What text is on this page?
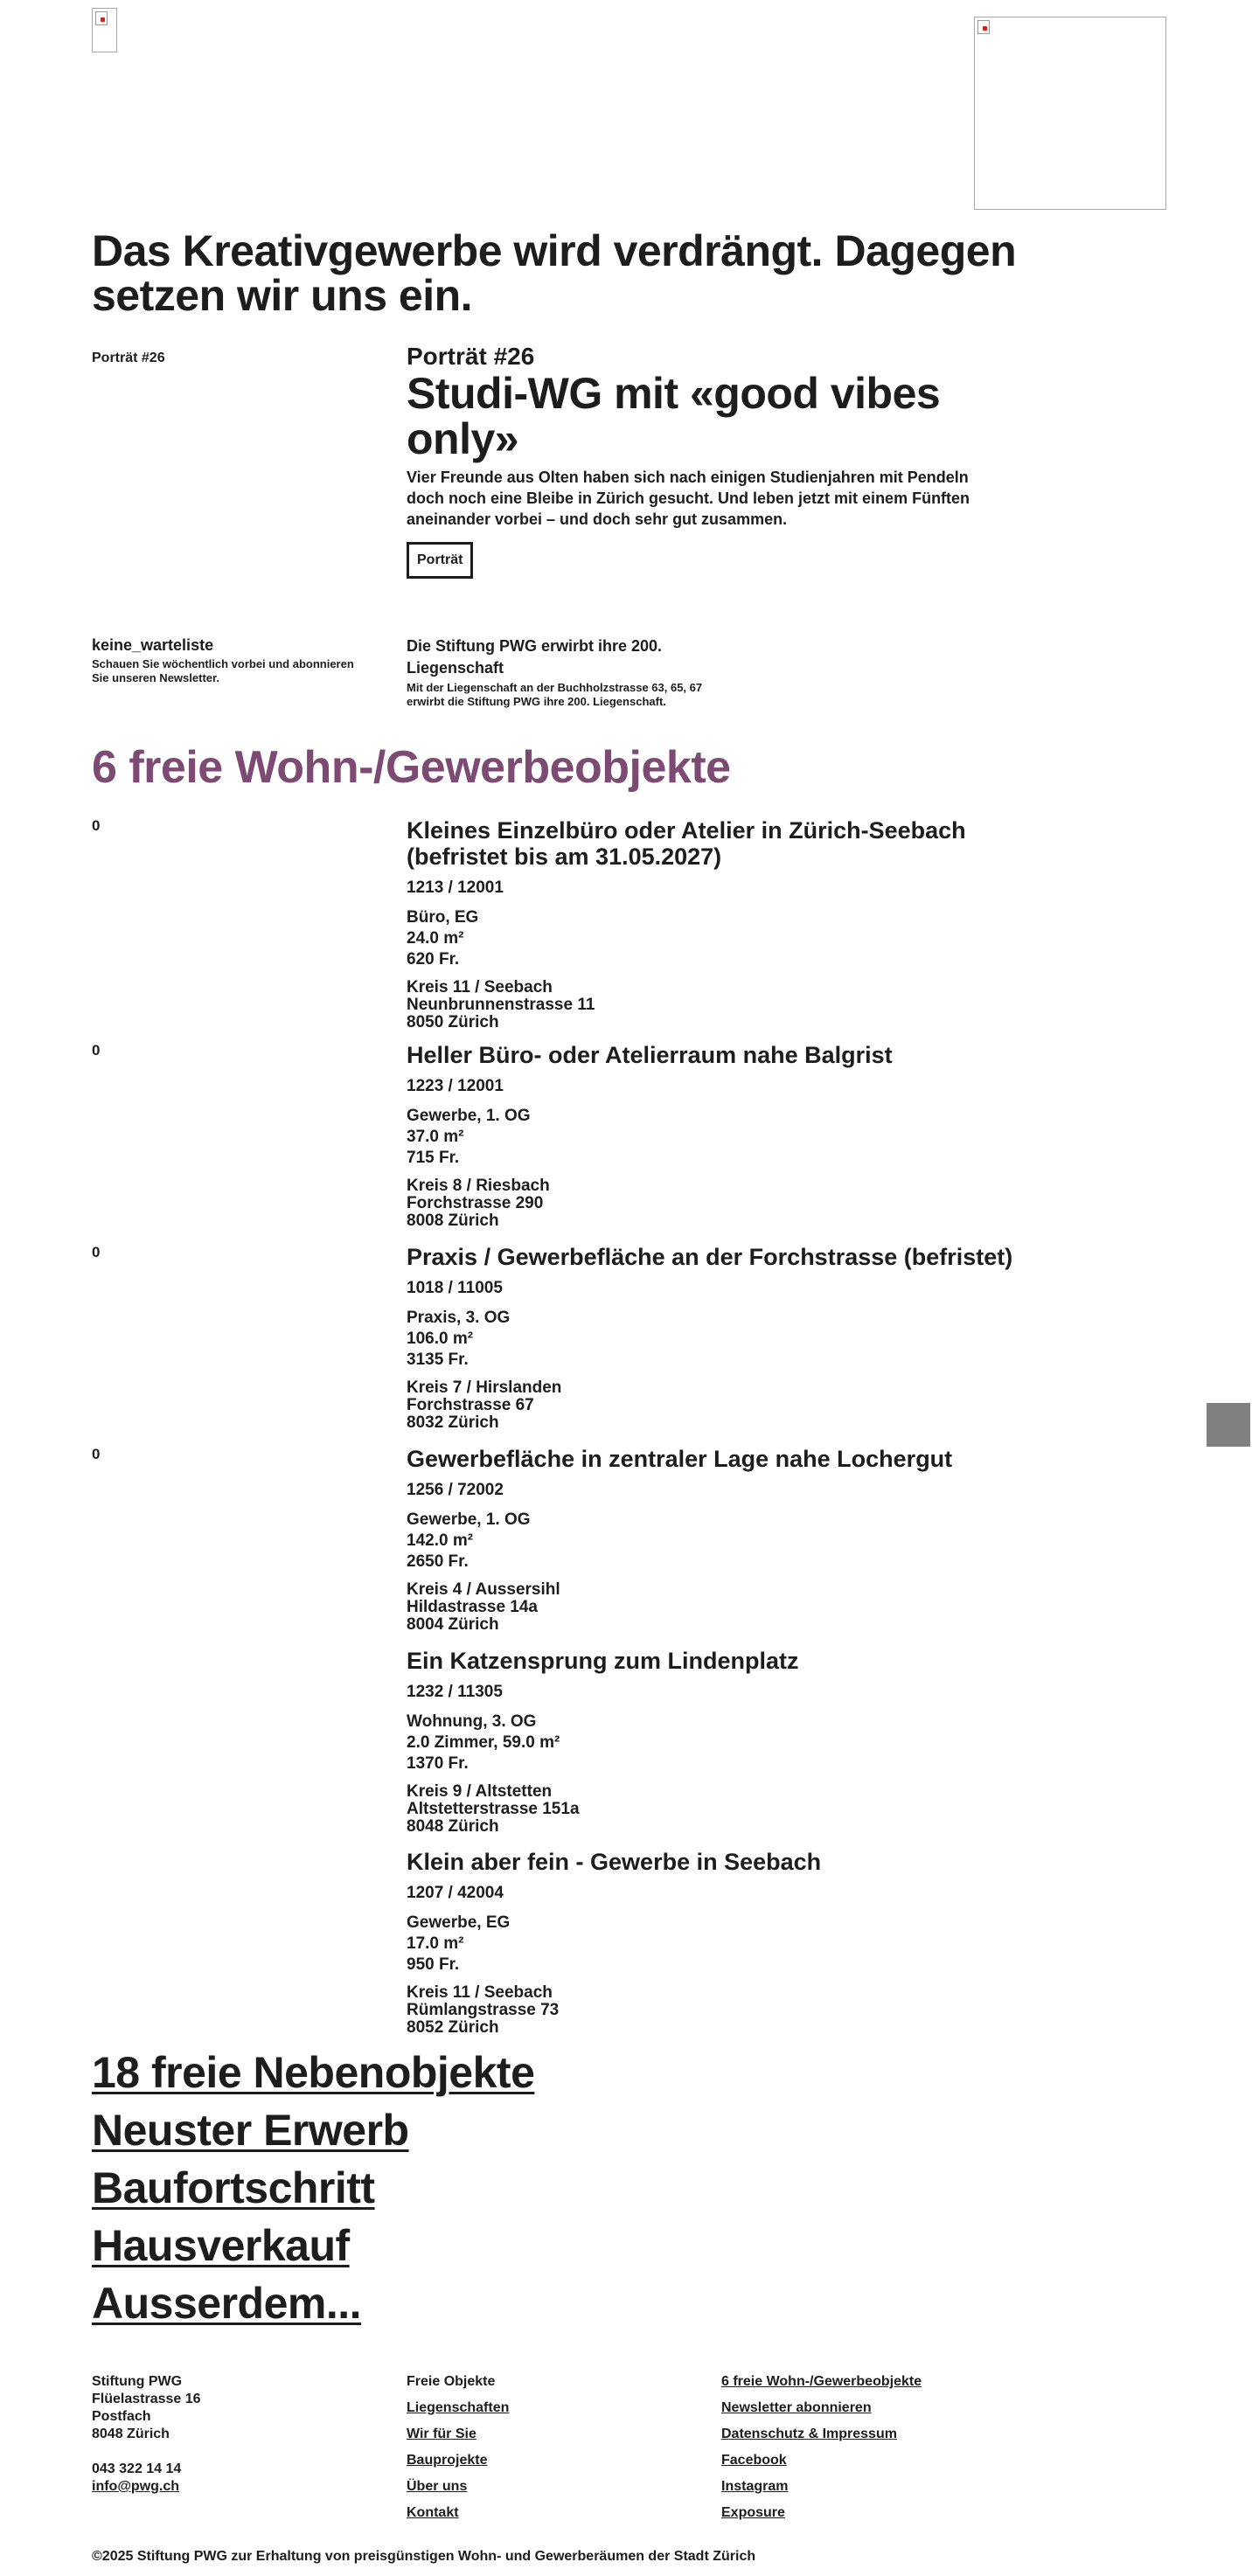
Das Kreativgewerbe wird verdrängt. Dagegen setzen wir uns ein.
Porträt #26	Porträt #26
Studi-WG mit «good vibes only»
Vier Freunde aus Olten haben sich nach einigen Studienjahren mit Pendeln doch noch eine Bleibe in Zürich gesucht. Und leben jetzt mit einem Fünften aneinander vorbei – und doch sehr gut zusammen.
Porträt
keine_warteliste
Schauen Sie wöchentlich vorbei und abonnieren Sie unseren Newsletter.
Die Stiftung PWG erwirbt ihre 200. Liegenschaft
Mit der Liegenschaft an der Buchholzstrasse 63, 65, 67 erwirbt die Stiftung PWG ihre 200. Liegenschaft.
6 freie Wohn-/Gewerbeobjekte
0	Kleines Einzelbüro oder Atelier in Zürich-Seebach (befristet bis am 31.05.2027)
1213 / 12001
Büro, EG
24.0 m²
620 Fr.
Kreis 11 / Seebach
Neunbrunnenstrasse 11
8050 Zürich
0	Heller Büro- oder Atelierraum nahe Balgrist
1223 / 12001
Gewerbe, 1. OG
37.0 m²
715 Fr.
Kreis 8 / Riesbach
Forchstrasse 290
8008 Zürich
0	Praxis / Gewerbefläche an der Forchstrasse (befristet)
1018 / 11005
Praxis, 3. OG
106.0 m²
3135 Fr.
Kreis 7 / Hirslanden
Forchstrasse 67
8032 Zürich
0	Gewerbefläche in zentraler Lage nahe Lochergut
1256 / 72002
Gewerbe, 1. OG
142.0 m²
2650 Fr.
Kreis 4 / Aussersihl
Hildastrasse 14a
8004 Zürich
Ein Katzensprung zum Lindenplatz
1232 / 11305
Wohnung, 3. OG
2.0 Zimmer, 59.0 m²
1370 Fr.
Kreis 9 / Altstetten
Altstetterstrasse 151a
8048 Zürich
Klein aber fein - Gewerbe in Seebach
1207 / 42004
Gewerbe, EG
17.0 m²
950 Fr.
Kreis 11 / Seebach
Rümlangstrasse 73
8052 Zürich
18 freie Nebenobjekte
Neuster Erwerb
Baufortschritt
Hausverkauf
Ausserdem...
Stiftung PWG
Flüelastrasse 16
Postfach
8048 Zürich
043 322 14 14
info@pwg.ch
Freie Objekte
Liegenschaften
Wir für Sie
Bauprojekte
Über uns
Kontakt
6 freie Wohn-/Gewerbeobjekte
Newsletter abonnieren
Datenschutz & Impressum
Facebook
Instagram
Exposure
©2025 Stiftung PWG zur Erhaltung von preisgünstigen Wohn- und Gewerberäumen der Stadt Zürich
